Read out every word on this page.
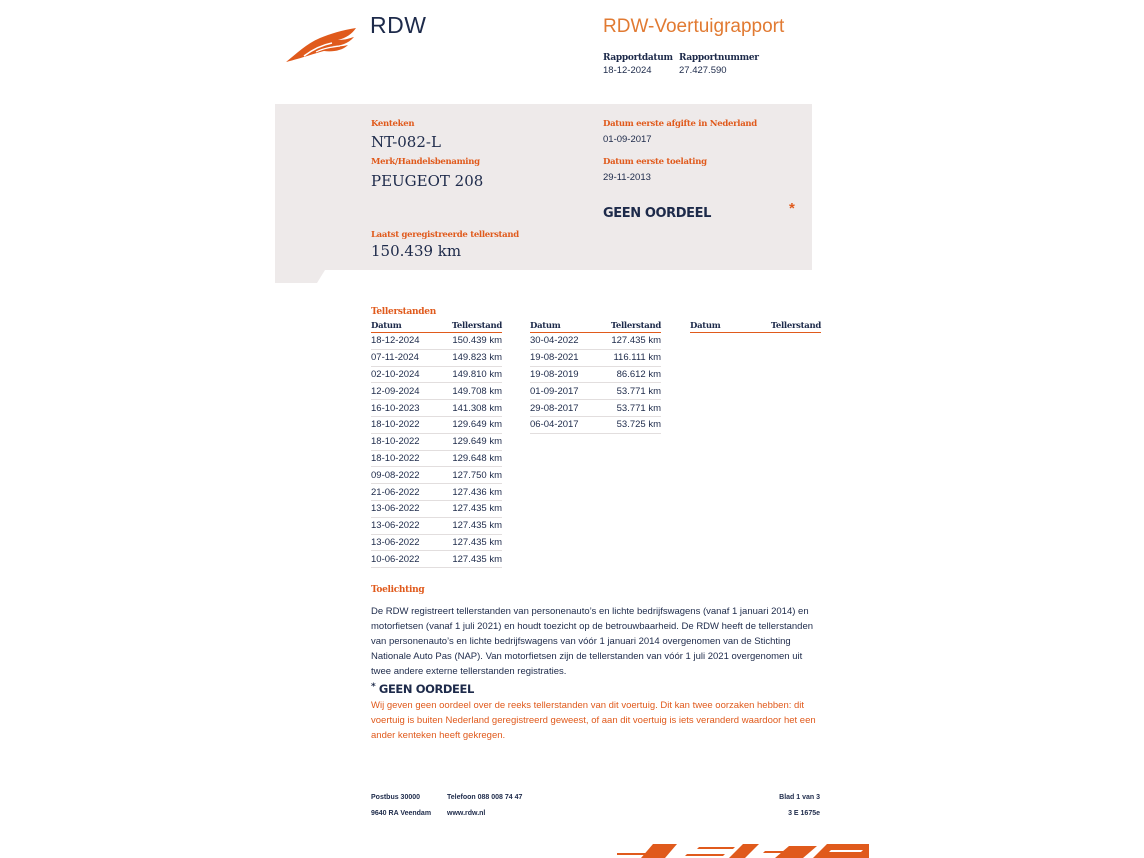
RDW	RDW-Voertuigrapport
Rapportdatum
18-12-2024
Rapportnummer
27.427.590
Kenteken
NT-082-L
Merk/Handelsbenaming
PEUGEOT 208
Datum eerste afgifte in Nederland
01-09-2017
Datum eerste toelating
29-11-2013
GEEN OORDEEL	*
Laatst geregistreerde tellerstand
150.439 km
Tellerstanden
Datum	Tellerstand
18-12-2024	150.439 km
07-11-2024	149.823 km
02-10-2024	149.810 km
12-09-2024	149.708 km
16-10-2023	141.308 km
18-10-2022	129.649 km
18-10-2022	129.649 km
18-10-2022	129.648 km
09-08-2022	127.750 km
21-06-2022	127.436 km
13-06-2022	127.435 km
13-06-2022	127.435 km
13-06-2022	127.435 km
10-06-2022	127.435 km
Datum	Tellerstand
30-04-2022	127.435 km
19-08-2021	116.111 km
19-08-2019	86.612 km
01-09-2017	53.771 km
29-08-2017	53.771 km
06-04-2017	53.725 km
Datum	Tellerstand
Toelichting
De RDW registreert tellerstanden van personenauto’s en lichte bedrijfswagens (vanaf 1 januari 2014) en motorfietsen (vanaf 1 juli 2021) en houdt toezicht op de betrouwbaarheid. De RDW heeft de tellerstanden van personenauto’s en lichte bedrijfswagens van vóór 1 januari 2014 overgenomen van de Stichting Nationale Auto Pas (NAP). Van motorfietsen zijn de tellerstanden van vóór 1 juli 2021 overgenomen uit twee andere externe tellerstanden registraties.
* GEEN OORDEEL
Wij geven geen oordeel over de reeks tellerstanden van dit voertuig. Dit kan twee oorzaken hebben: dit voertuig is buiten Nederland geregistreerd geweest, of aan dit voertuig is iets veranderd waardoor het een ander kenteken heeft gekregen.
Postbus 30000
9640 RA Veendam
Telefoon 088 008 74 47
www.rdw.nl
Blad 1 van 3
3 E 1675e
